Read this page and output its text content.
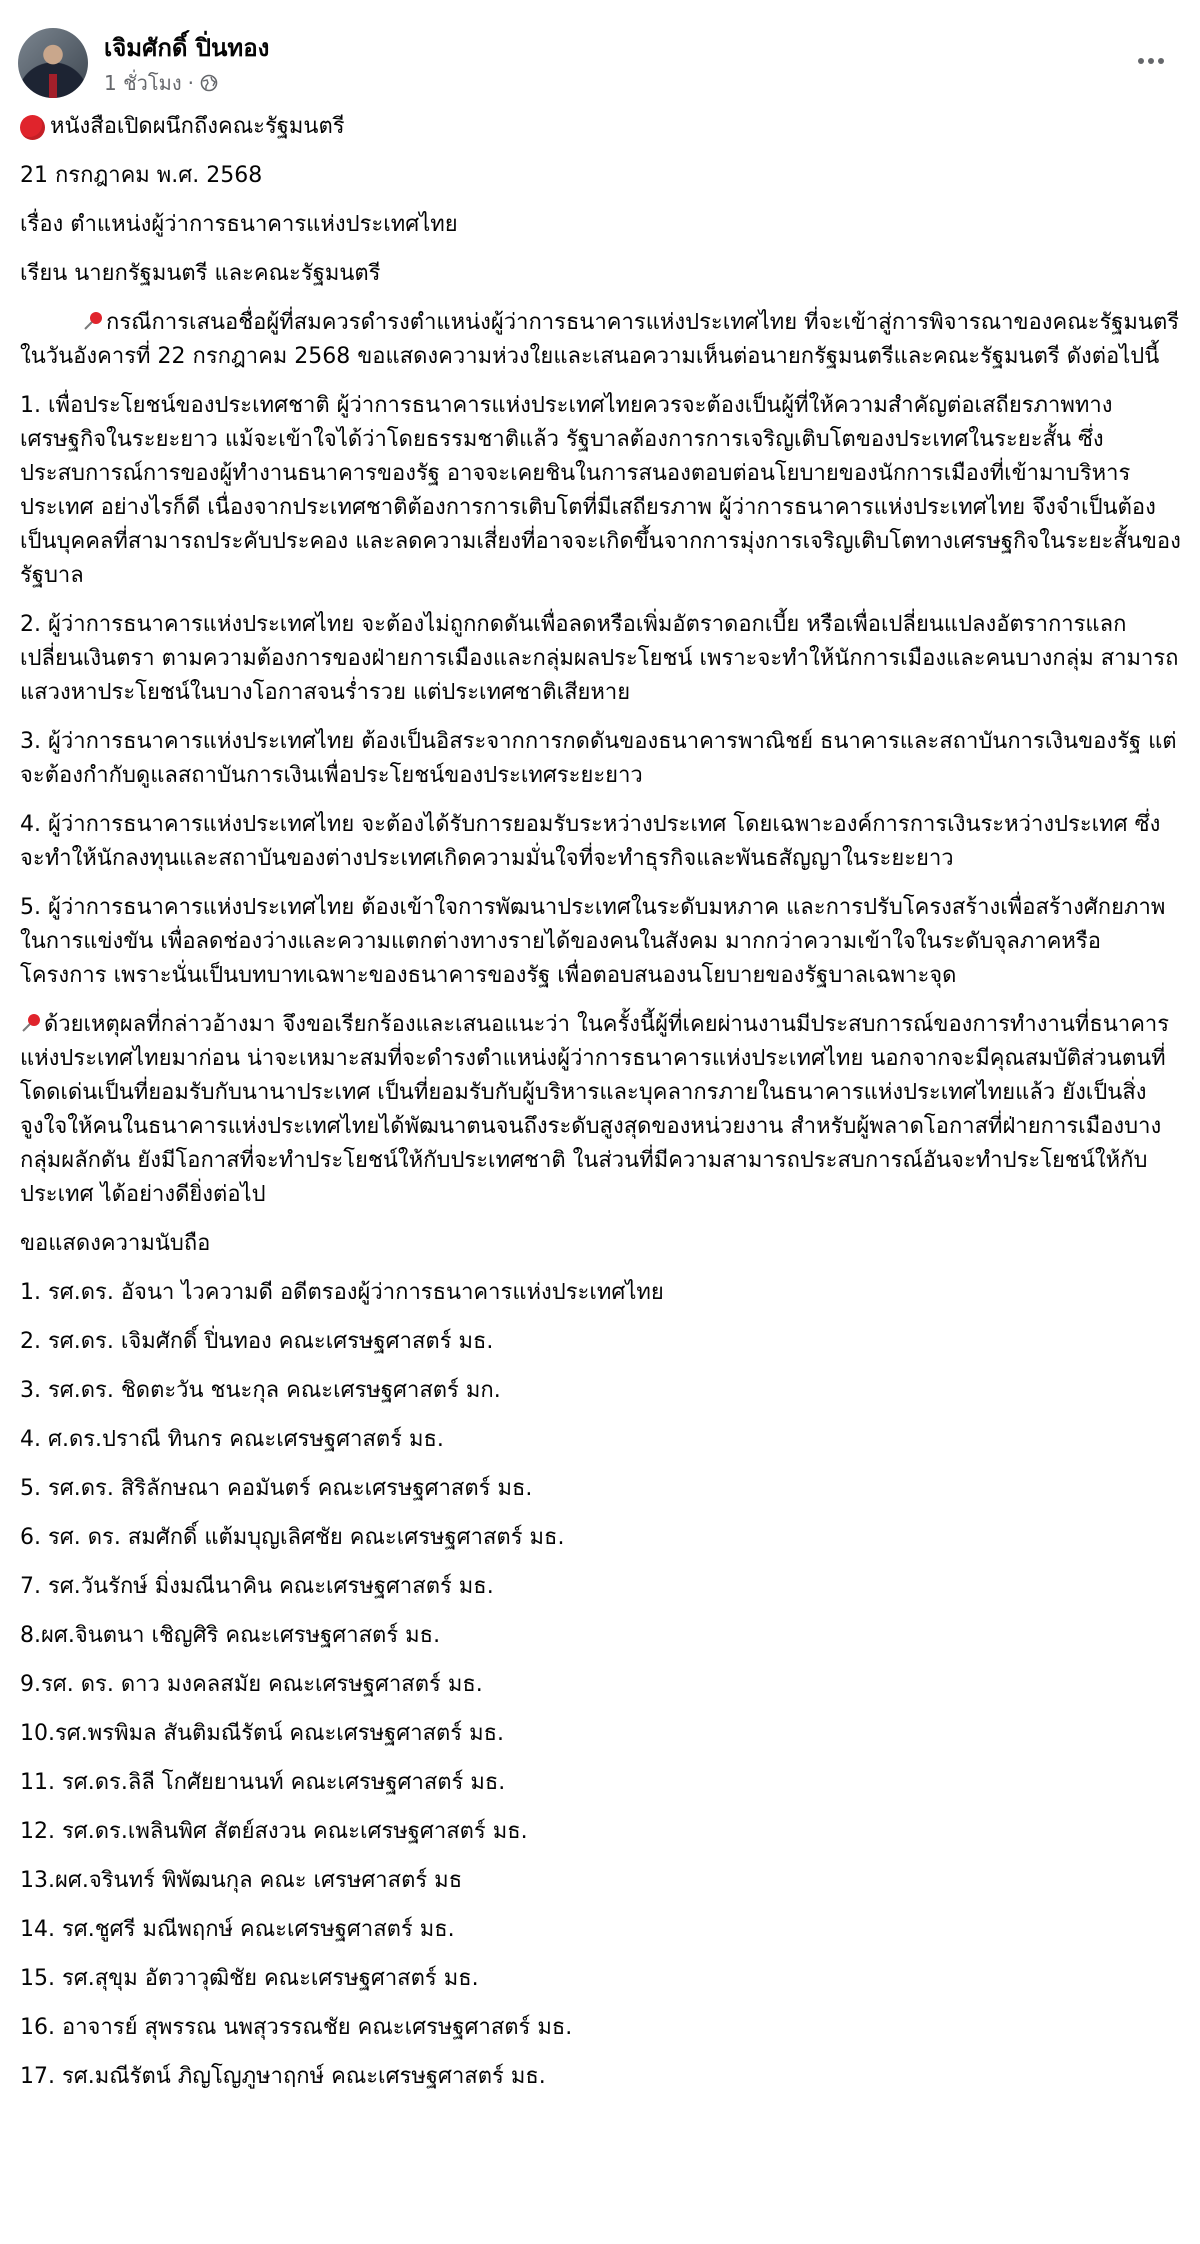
เจิมศักดิ์ ปิ่นทอง
1 ชั่วโมง ·

หนังสือเปิดผนึกถึงคณะรัฐมนตรี

21 กรกฎาคม พ.ศ. 2568

เรื่อง ตำแหน่งผู้ว่าการธนาคารแห่งประเทศไทย

เรียน นายกรัฐมนตรี และคณะรัฐมนตรี

กรณีการเสนอชื่อผู้ที่สมควรดำรงตำแหน่งผู้ว่าการธนาคารแห่งประเทศไทย ที่จะเข้าสู่การพิจารณาของคณะรัฐมนตรีในวันอังคารที่ 22 กรกฎาคม 2568 ขอแสดงความห่วงใยและเสนอความเห็นต่อนายกรัฐมนตรีและคณะรัฐมนตรี ดังต่อไปนี้

1. เพื่อประโยชน์ของประเทศชาติ ผู้ว่าการธนาคารแห่งประเทศไทยควรจะต้องเป็นผู้ที่ให้ความสำคัญต่อเสถียรภาพทางเศรษฐกิจในระยะยาว แม้จะเข้าใจได้ว่าโดยธรรมชาติแล้ว รัฐบาลต้องการการเจริญเติบโตของประเทศในระยะสั้น ซึ่งประสบการณ์การของผู้ทำงานธนาคารของรัฐ อาจจะเคยชินในการสนองตอบต่อนโยบายของนักการเมืองที่เข้ามาบริหารประเทศ อย่างไรก็ดี เนื่องจากประเทศชาติต้องการการเติบโตที่มีเสถียรภาพ ผู้ว่าการธนาคารแห่งประเทศไทย จึงจำเป็นต้องเป็นบุคคลที่สามารถประคับประคอง และลดความเสี่ยงที่อาจจะเกิดขึ้นจากการมุ่งการเจริญเติบโตทางเศรษฐกิจในระยะสั้นของรัฐบาล

2. ผู้ว่าการธนาคารแห่งประเทศไทย จะต้องไม่ถูกกดดันเพื่อลดหรือเพิ่มอัตราดอกเบี้ย หรือเพื่อเปลี่ยนแปลงอัตราการแลกเปลี่ยนเงินตรา ตามความต้องการของฝ่ายการเมืองและกลุ่มผลประโยชน์ เพราะจะทำให้นักการเมืองและคนบางกลุ่ม สามารถแสวงหาประโยชน์ในบางโอกาสจนร่ำรวย แต่ประเทศชาติเสียหาย

3. ผู้ว่าการธนาคารแห่งประเทศไทย ต้องเป็นอิสระจากการกดดันของธนาคารพาณิชย์ ธนาคารและสถาบันการเงินของรัฐ แต่จะต้องกำกับดูแลสถาบันการเงินเพื่อประโยชน์ของประเทศระยะยาว

4. ผู้ว่าการธนาคารแห่งประเทศไทย จะต้องได้รับการยอมรับระหว่างประเทศ โดยเฉพาะองค์การการเงินระหว่างประเทศ ซึ่งจะทำให้นักลงทุนและสถาบันของต่างประเทศเกิดความมั่นใจที่จะทำธุรกิจและพันธสัญญาในระยะยาว

5. ผู้ว่าการธนาคารแห่งประเทศไทย ต้องเข้าใจการพัฒนาประเทศในระดับมหภาค และการปรับโครงสร้างเพื่อสร้างศักยภาพในการแข่งขัน เพื่อลดช่องว่างและความแตกต่างทางรายได้ของคนในสังคม มากกว่าความเข้าใจในระดับจุลภาคหรือโครงการ เพราะนั่นเป็นบทบาทเฉพาะของธนาคารของรัฐ เพื่อตอบสนองนโยบายของรัฐบาลเฉพาะจุด

ด้วยเหตุผลที่กล่าวอ้างมา จึงขอเรียกร้องและเสนอแนะว่า ในครั้งนี้ผู้ที่เคยผ่านงานมีประสบการณ์ของการทำงานที่ธนาคารแห่งประเทศไทยมาก่อน น่าจะเหมาะสมที่จะดำรงตำแหน่งผู้ว่าการธนาคารแห่งประเทศไทย นอกจากจะมีคุณสมบัติส่วนตนที่โดดเด่นเป็นที่ยอมรับกับนานาประเทศ เป็นที่ยอมรับกับผู้บริหารและบุคลากรภายในธนาคารแห่งประเทศไทยแล้ว ยังเป็นสิ่งจูงใจให้คนในธนาคารแห่งประเทศไทยได้พัฒนาตนจนถึงระดับสูงสุดของหน่วยงาน สำหรับผู้พลาดโอกาสที่ฝ่ายการเมืองบางกลุ่มผลักดัน ยังมีโอกาสที่จะทำประโยชน์ให้กับประเทศชาติ ในส่วนที่มีความสามารถประสบการณ์อันจะทำประโยชน์ให้กับประเทศ ได้อย่างดียิ่งต่อไป

ขอแสดงความนับถือ

1. รศ.ดร. อัจนา ไวความดี อดีตรองผู้ว่าการธนาคารแห่งประเทศไทย

2. รศ.ดร. เจิมศักดิ์ ปิ่นทอง คณะเศรษฐศาสตร์ มธ.

3. รศ.ดร. ชิดตะวัน ชนะกุล คณะเศรษฐศาสตร์ มก.

4. ศ.ดร.ปราณี ทินกร คณะเศรษฐศาสตร์ มธ.

5. รศ.ดร. สิริลักษณา คอมันตร์ คณะเศรษฐศาสตร์ มธ.

6. รศ. ดร. สมศักดิ์ แต้มบุญเลิศชัย คณะเศรษฐศาสตร์ มธ.

7. รศ.วันรักษ์ มิ่งมณีนาคิน คณะเศรษฐศาสตร์ มธ.

8.ผศ.จินตนา เชิญศิริ คณะเศรษฐศาสตร์ มธ.

9.รศ. ดร. ดาว มงคลสมัย คณะเศรษฐศาสตร์ มธ.

10.รศ.พรพิมล สันติมณีรัตน์ คณะเศรษฐศาสตร์ มธ.

11. รศ.ดร.ลิลี โกศัยยานนท์ คณะเศรษฐศาสตร์ มธ.

12. รศ.ดร.เพลินพิศ สัตย์สงวน คณะเศรษฐศาสตร์ มธ.

13.ผศ.จรินทร์ พิพัฒนกุล คณะ เศรษศาสตร์ มธ

14. รศ.ชูศรี มณีพฤกษ์ คณะเศรษฐศาสตร์ มธ.

15. รศ.สุขุม อัตวาวุฒิชัย คณะเศรษฐศาสตร์ มธ.

16. อาจารย์ สุพรรณ นพสุวรรณชัย คณะเศรษฐศาสตร์ มธ.

17. รศ.มณีรัตน์ ภิญโญภูษาฤกษ์ คณะเศรษฐศาสตร์ มธ.
